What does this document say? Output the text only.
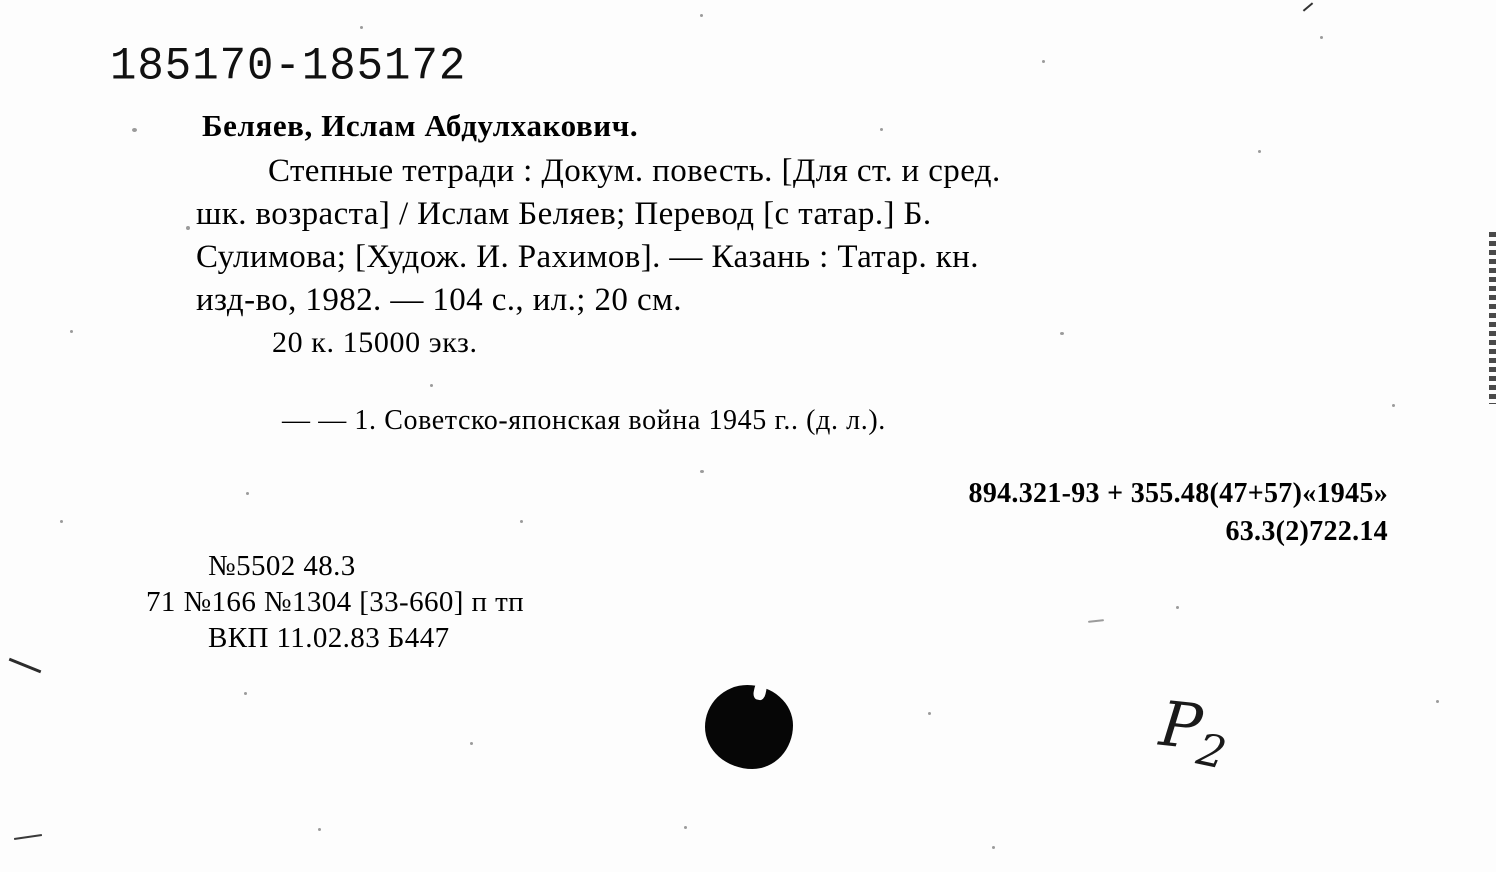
185170-185172
Беляев, Ислам Абдулхакович.
Степные тетради : Докум. повесть. [Для ст. и сред.
шк. возраста] / Ислам Беляев; Перевод [с татар.] Б.
Сулимова; [Худож. И. Рахимов]. — Казань : Татар. кн.
изд-во, 1982. — 104 с., ил.; 20 см.
20 к. 15000 экз.
— — 1. Советско-японская война 1945 г.. (д. л.).
894.321-93 + 355.48(47+57)«1945»
63.3(2)722.14
№5502 48.3
71 №166 №1304 [33-660] п тп
ВКП 11.02.83 Б447
P2
